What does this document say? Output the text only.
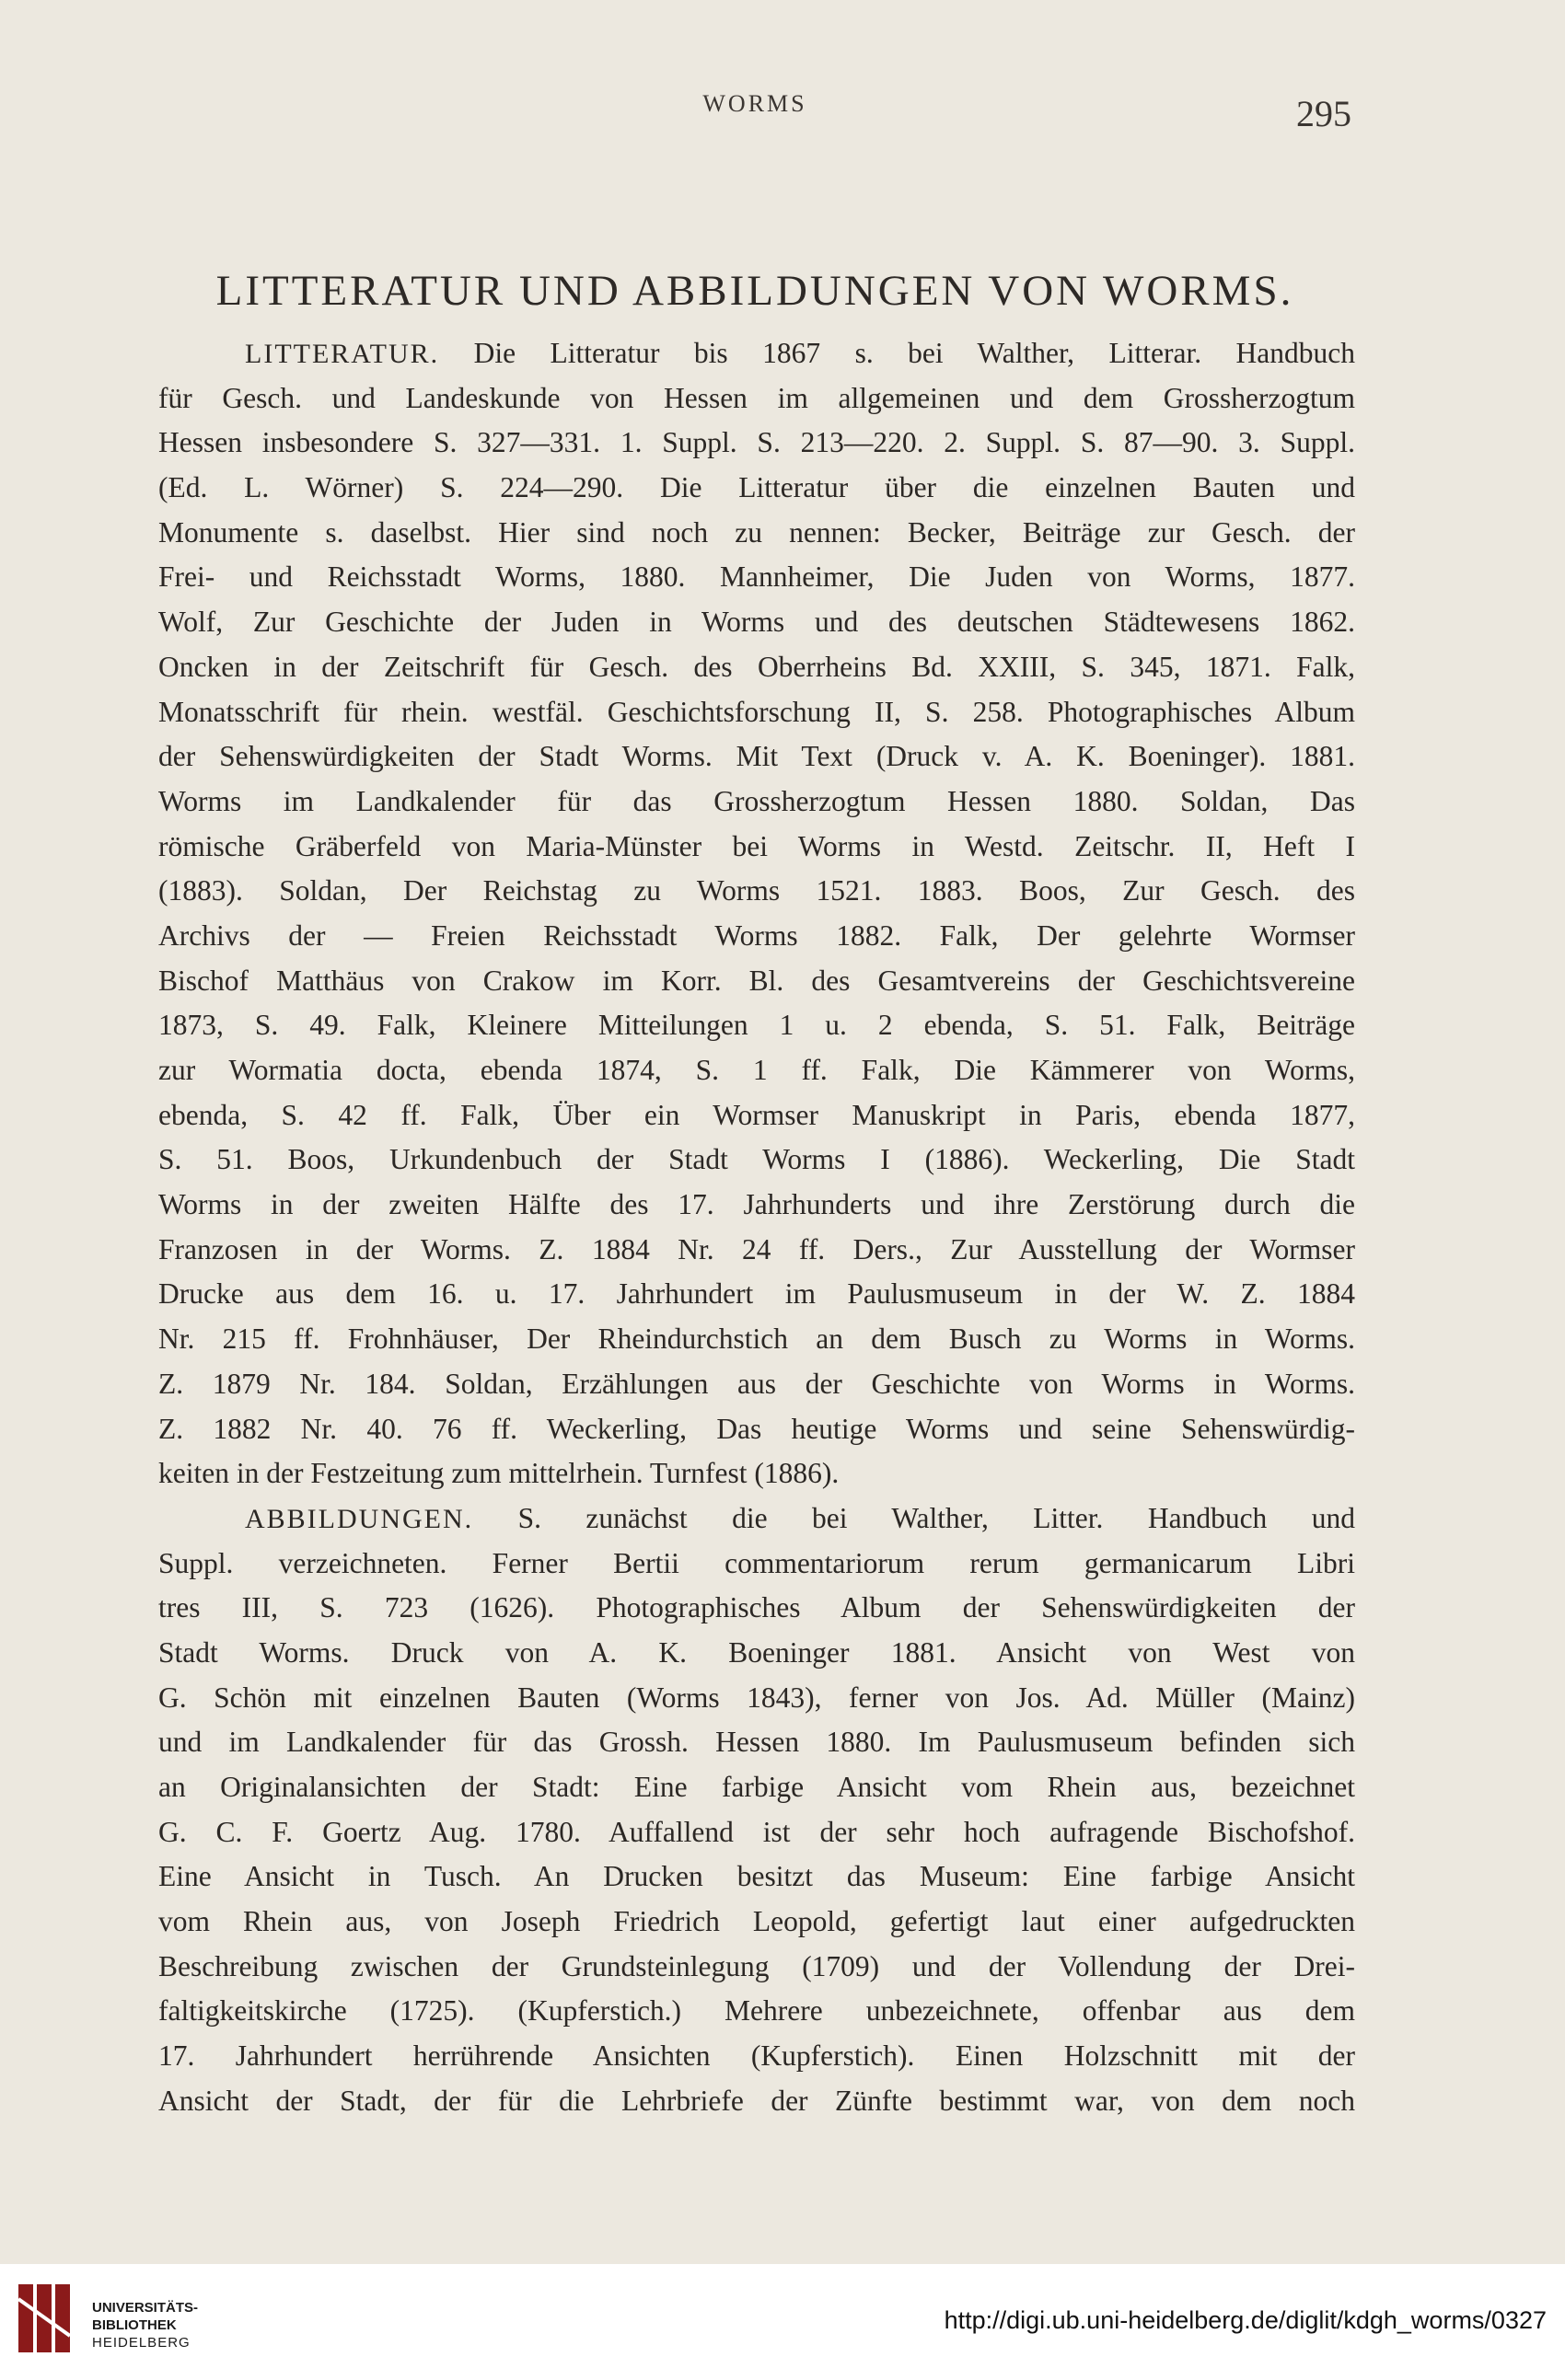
WORMS	295
LITTERATUR UND ABBILDUNGEN VON WORMS.
LITTERATUR. Die Litteratur bis 1867 s. bei Walther, Litterar. Handbuch
für Gesch. und Landeskunde von Hessen im allgemeinen und dem Grossherzogtum
Hessen insbesondere S. 327—331. 1. Suppl. S. 213—220. 2. Suppl. S. 87—90. 3. Suppl.
(Ed. L. Wörner) S. 224—290. Die Litteratur über die einzelnen Bauten und
Monumente s. daselbst. Hier sind noch zu nennen: Becker, Beiträge zur Gesch. der
Frei- und Reichsstadt Worms, 1880. Mannheimer, Die Juden von Worms, 1877.
Wolf, Zur Geschichte der Juden in Worms und des deutschen Städtewesens 1862.
Oncken in der Zeitschrift für Gesch. des Oberrheins Bd. XXIII, S. 345, 1871. Falk,
Monatsschrift für rhein. westfäl. Geschichtsforschung II, S. 258. Photographisches Album
der Sehenswürdigkeiten der Stadt Worms. Mit Text (Druck v. A. K. Boeninger). 1881.
Worms im Landkalender für das Grossherzogtum Hessen 1880. Soldan, Das
römische Gräberfeld von Maria-Münster bei Worms in Westd. Zeitschr. II, Heft I
(1883). Soldan, Der Reichstag zu Worms 1521. 1883. Boos, Zur Gesch. des
Archivs der — Freien Reichsstadt Worms 1882. Falk, Der gelehrte Wormser
Bischof Matthäus von Crakow im Korr. Bl. des Gesamtvereins der Geschichtsvereine
1873, S. 49. Falk, Kleinere Mitteilungen 1 u. 2 ebenda, S. 51. Falk, Beiträge
zur Wormatia docta, ebenda 1874, S. 1 ff. Falk, Die Kämmerer von Worms,
ebenda, S. 42 ff. Falk, Über ein Wormser Manuskript in Paris, ebenda 1877,
S. 51. Boos, Urkundenbuch der Stadt Worms I (1886). Weckerling, Die Stadt
Worms in der zweiten Hälfte des 17. Jahrhunderts und ihre Zerstörung durch die
Franzosen in der Worms. Z. 1884 Nr. 24 ff. Ders., Zur Ausstellung der Wormser
Drucke aus dem 16. u. 17. Jahrhundert im Paulusmuseum in der W. Z. 1884
Nr. 215 ff. Frohnhäuser, Der Rheindurchstich an dem Busch zu Worms in Worms.
Z. 1879 Nr. 184. Soldan, Erzählungen aus der Geschichte von Worms in Worms.
Z. 1882 Nr. 40. 76 ff. Weckerling, Das heutige Worms und seine Sehenswürdig-
keiten in der Festzeitung zum mittelrhein. Turnfest (1886).
ABBILDUNGEN. S. zunächst die bei Walther, Litter. Handbuch und
Suppl. verzeichneten. Ferner Bertii commentariorum rerum germanicarum Libri
tres III, S. 723 (1626). Photographisches Album der Sehenswürdigkeiten der
Stadt Worms. Druck von A. K. Boeninger 1881. Ansicht von West von
G. Schön mit einzelnen Bauten (Worms 1843), ferner von Jos. Ad. Müller (Mainz)
und im Landkalender für das Grossh. Hessen 1880. Im Paulusmuseum befinden sich
an Originalansichten der Stadt: Eine farbige Ansicht vom Rhein aus, bezeichnet
G. C. F. Goertz Aug. 1780. Auffallend ist der sehr hoch aufragende Bischofshof.
Eine Ansicht in Tusch. An Drucken besitzt das Museum: Eine farbige Ansicht
vom Rhein aus, von Joseph Friedrich Leopold, gefertigt laut einer aufgedruckten
Beschreibung zwischen der Grundsteinlegung (1709) und der Vollendung der Drei-
faltigkeitskirche (1725). (Kupferstich.) Mehrere unbezeichnete, offenbar aus dem
17. Jahrhundert herrührende Ansichten (Kupferstich). Einen Holzschnitt mit der
Ansicht der Stadt, der für die Lehrbriefe der Zünfte bestimmt war, von dem noch
UNIVERSITÄTS-
BIBLIOTHEK
HEIDELBERG
http://digi.ub.uni-heidelberg.de/diglit/kdgh_worms/0327
